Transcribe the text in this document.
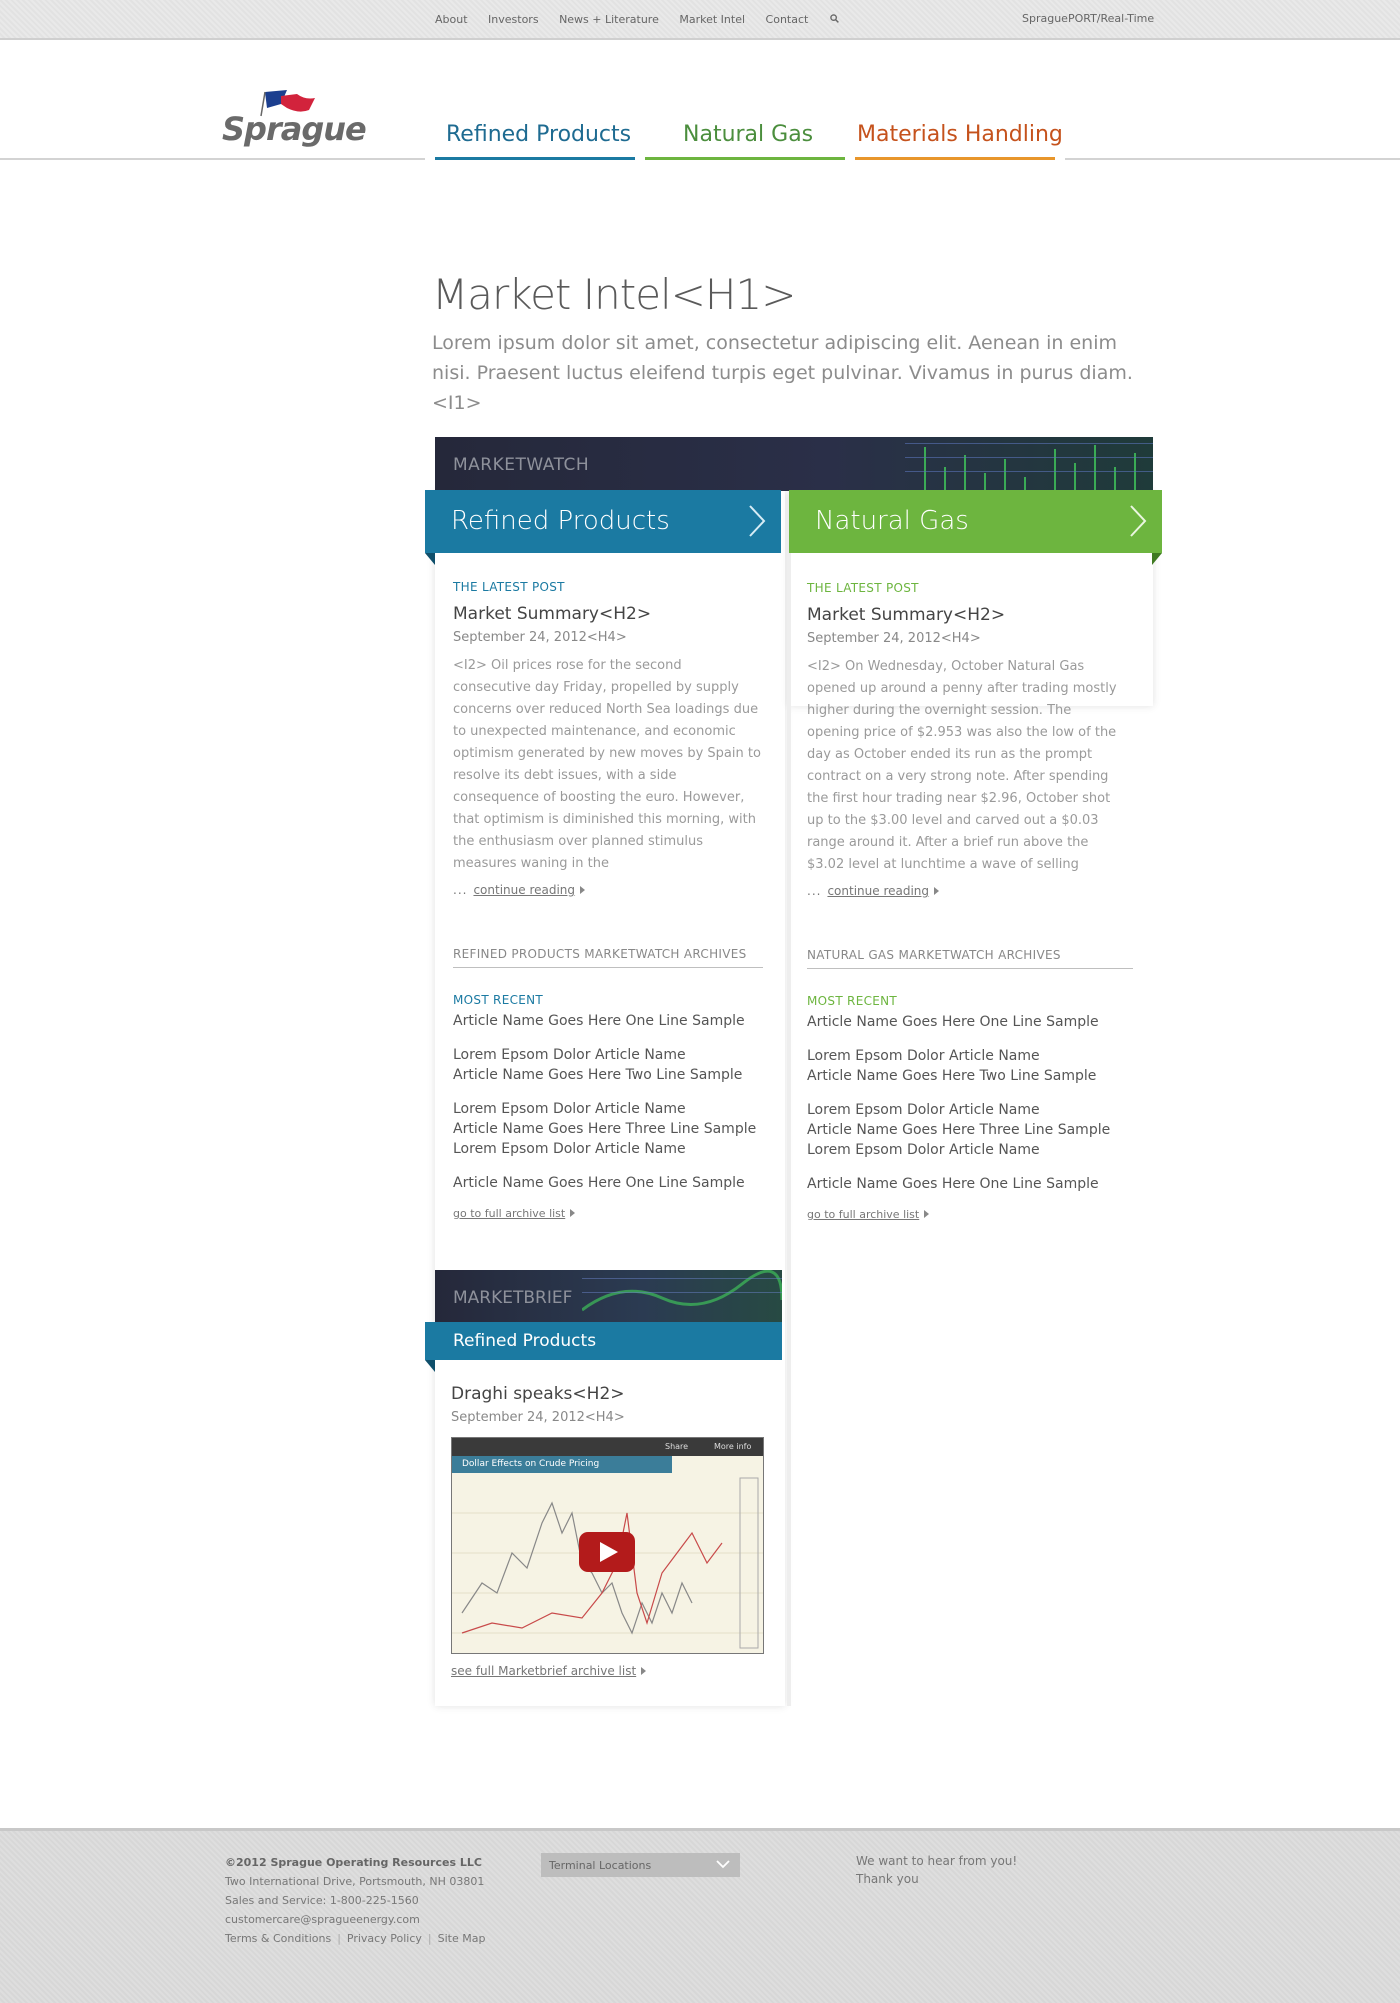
About Investors News + Literature Market Intel Contact	SpraguePORT/Real-Time
Sprague	Refined Products Natural Gas Materials Handling
Market Intel<H1>
Lorem ipsum dolor sit amet, consectetur adipiscing elit. Aenean in enim nisi. Praesent luctus eleifend turpis eget pulvinar. Vivamus in purus diam.<I1>
MARKETWATCH
Refined Products	Natural Gas
THE LATEST POST
Market Summary<H2>
September 24, 2012<H4>
<I2> Oil prices rose for the second consecutive day Friday, propelled by supply concerns over reduced North Sea loadings due to unexpected maintenance, and economic optimism generated by new moves by Spain to resolve its debt issues, with a side consequence of boosting the euro. However, that optimism is diminished this morning, with the enthusiasm over planned stimulus measures waning in the
... continue reading
REFINED PRODUCTS MARKETWATCH ARCHIVES
MOST RECENT
Article Name Goes Here One Line Sample
Lorem Epsom Dolor Article Name
Article Name Goes Here Two Line Sample
Lorem Epsom Dolor Article Name
Article Name Goes Here Three Line Sample
Lorem Epsom Dolor Article Name
Article Name Goes Here One Line Sample
go to full archive list
THE LATEST POST
Market Summary<H2>
September 24, 2012<H4>
<I2> On Wednesday, October Natural Gas opened up around a penny after trading mostly higher during the overnight session. The opening price of $2.953 was also the low of the day as October ended its run as the prompt contract on a very strong note. After spending the first hour trading near $2.96, October shot up to the $3.00 level and carved out a $0.03 range around it. After a brief run above the $3.02 level at lunchtime a wave of selling
... continue reading
NATURAL GAS MARKETWATCH ARCHIVES
MOST RECENT
Article Name Goes Here One Line Sample
Lorem Epsom Dolor Article Name
Article Name Goes Here Two Line Sample
Lorem Epsom Dolor Article Name
Article Name Goes Here Three Line Sample
Lorem Epsom Dolor Article Name
Article Name Goes Here One Line Sample
go to full archive list
MARKETBRIEF
Refined Products
Draghi speaks<H2>
September 24, 2012<H4>
Share	More info
Dollar Effects on Crude Pricing
see full Marketbrief archive list
©2012 Sprague Operating Resources LLC
Two International Drive, Portsmouth, NH 03801
Sales and Service: 1-800-225-1560
customercare@spragueenergy.com
Terms & Conditions | Privacy Policy | Site Map
Terminal Locations	We want to hear from you!
Thank you
